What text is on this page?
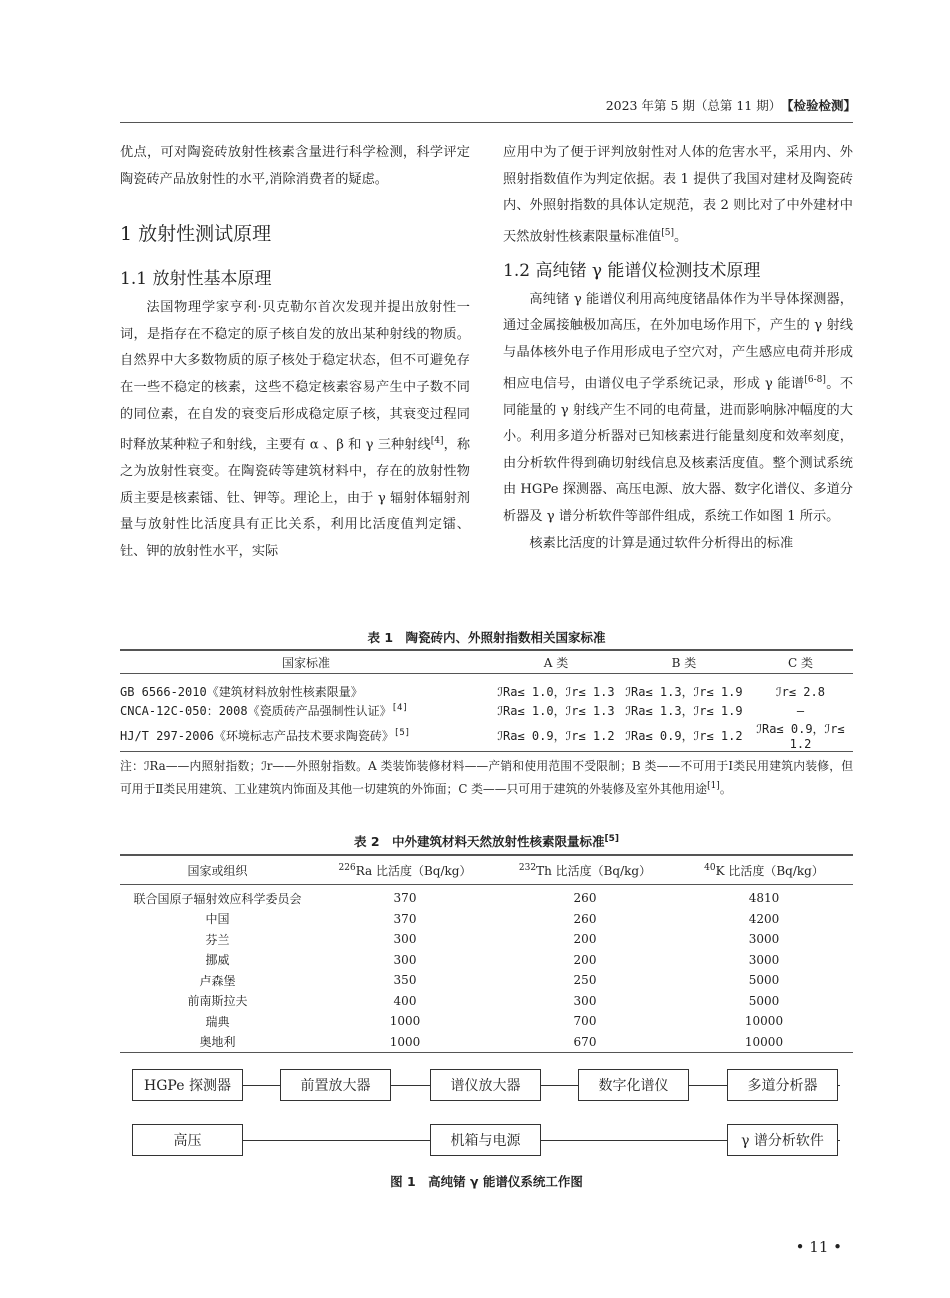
2023 年第 5 期（总第 11 期） 【检验检测】

优点，可对陶瓷砖放射性核素含量进行科学检测，科学评定陶瓷砖产品放射性的水平,消除消费者的疑虑。

1 放射性测试原理
1.1 放射性基本原理

法国物理学家亨利·贝克勒尔首次发现并提出放射性一词，是指存在不稳定的原子核自发的放出某种射线的物质。自然界中大多数物质的原子核处于稳定状态，但不可避免存在一些不稳定的核素，这些不稳定核素容易产生中子数不同的同位素，在自发的衰变后形成稳定原子核，其衰变过程同时释放某种粒子和射线，主要有 α 、β 和 γ 三种射线[4]，称之为放射性衰变。在陶瓷砖等建筑材料中，存在的放射性物质主要是核素镭、钍、钾等。理论上，由于 γ 辐射体辐射剂量与放射性比活度具有正比关系，利用比活度值判定镭、钍、钾的放射性水平，实际

应用中为了便于评判放射性对人体的危害水平，采用内、外照射指数值作为判定依据。表 1 提供了我国对建材及陶瓷砖内、外照射指数的具体认定规范，表 2 则比对了中外建材中天然放射性核素限量标准值[5]。

1.2 高纯锗 γ 能谱仪检测技术原理

高纯锗 γ 能谱仪利用高纯度锗晶体作为半导体探测器，通过金属接触极加高压，在外加电场作用下，产生的 γ 射线与晶体核外电子作用形成电子空穴对，产生感应电荷并形成相应电信号，由谱仪电子学系统记录，形成 γ 能谱[6-8]。不同能量的 γ 射线产生不同的电荷量，进而影响脉冲幅度的大小。利用多道分析器对已知核素进行能量刻度和效率刻度，由分析软件得到确切射线信息及核素活度值。整个测试系统由 HGPe 探测器、高压电源、放大器、数字化谱仪、多道分析器及 γ 谱分析软件等部件组成，系统工作如图 1 所示。

核素比活度的计算是通过软件分析得出的标准

表 1　陶瓷砖内、外照射指数相关国家标准
国家标准	A 类	B 类	C 类

GB 6566-2010《建筑材料放射性核素限量》	ℐRa≤ 1.0，ℐr≤ 1.3	ℐRa≤ 1.3，ℐr≤ 1.9	ℐr≤ 2.8
CNCA-12C-050：2008《瓷质砖产品强制性认证》[4]	ℐRa≤ 1.0，ℐr≤ 1.3	ℐRa≤ 1.3，ℐr≤ 1.9	—
HJ/T 297-2006《环境标志产品技术要求陶瓷砖》[5]	ℐRa≤ 0.9，ℐr≤ 1.2	ℐRa≤ 0.9，ℐr≤ 1.2	ℐRa≤ 0.9，ℐr≤ 1.2
注：ℐRa——内照射指数；ℐr——外照射指数。A 类装饰装修材料——产销和使用范围不受限制；B 类——不可用于Ⅰ类民用建筑内装修，但可用于Ⅱ类民用建筑、工业建筑内饰面及其他一切建筑的外饰面；C 类——只可用于建筑的外装修及室外其他用途[1]。
表 2　中外建筑材料天然放射性核素限量标准[5]
国家或组织	$^{226}$Ra 比活度（Bq/kg）	$^{232}$Th 比活度（Bq/kg）	$^{40}$K 比活度（Bq/kg）
联合国原子辐射效应科学委员会	370	260	4810
中国	370	260	4200
芬兰	300	200	3000
挪威	300	200	3000
卢森堡	350	250	5000
前南斯拉夫	400	300	5000
瑞典	1000	700	10000
奥地利	1000	670	10000
HGPe 探测器	前置放大器	谱仪放大器	数字化谱仪	多道分析器
高压	机箱与电源	γ 谱分析软件
图 1　高纯锗 γ 能谱仪系统工作图
• 11 •
